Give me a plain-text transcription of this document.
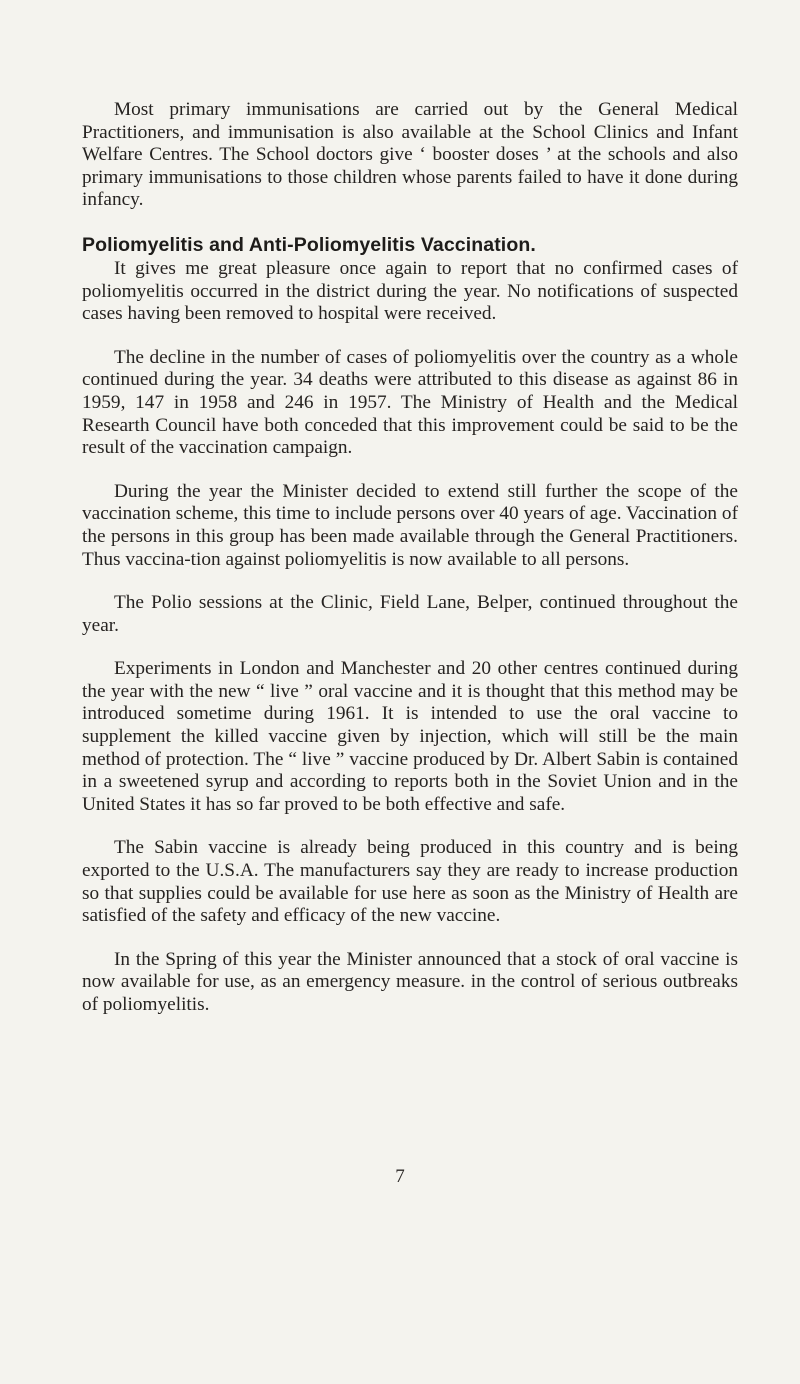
Most primary immunisations are carried out by the General Medical Practitioners, and immunisation is also available at the School Clinics and Infant Welfare Centres. The School doctors give ‘ booster doses ’ at the schools and also primary immunisations to those children whose parents failed to have it done during infancy.

Poliomyelitis and Anti-Poliomyelitis Vaccination.

It gives me great pleasure once again to report that no confirmed cases of poliomyelitis occurred in the district during the year. No notifications of suspected cases having been removed to hospital were received.

The decline in the number of cases of poliomyelitis over the country as a whole continued during the year. 34 deaths were attributed to this disease as against 86 in 1959, 147 in 1958 and 246 in 1957. The Ministry of Health and the Medical Researth Council have both conceded that this improvement could be said to be the result of the vaccination campaign.

During the year the Minister decided to extend still further the scope of the vaccination scheme, this time to include persons over 40 years of age. Vaccination of the persons in this group has been made available through the General Practitioners. Thus vaccina-tion against poliomyelitis is now available to all persons.

The Polio sessions at the Clinic, Field Lane, Belper, continued throughout the year.

Experiments in London and Manchester and 20 other centres continued during the year with the new “ live ” oral vaccine and it is thought that this method may be introduced sometime during 1961. It is intended to use the oral vaccine to supplement the killed vaccine given by injection, which will still be the main method of protection. The “ live ” vaccine produced by Dr. Albert Sabin is contained in a sweetened syrup and according to reports both in the Soviet Union and in the United States it has so far proved to be both effective and safe.

The Sabin vaccine is already being produced in this country and is being exported to the U.S.A. The manufacturers say they are ready to increase production so that supplies could be available for use here as soon as the Ministry of Health are satisfied of the safety and efficacy of the new vaccine.

In the Spring of this year the Minister announced that a stock of oral vaccine is now available for use, as an emergency measure. in the control of serious outbreaks of poliomyelitis.

7
